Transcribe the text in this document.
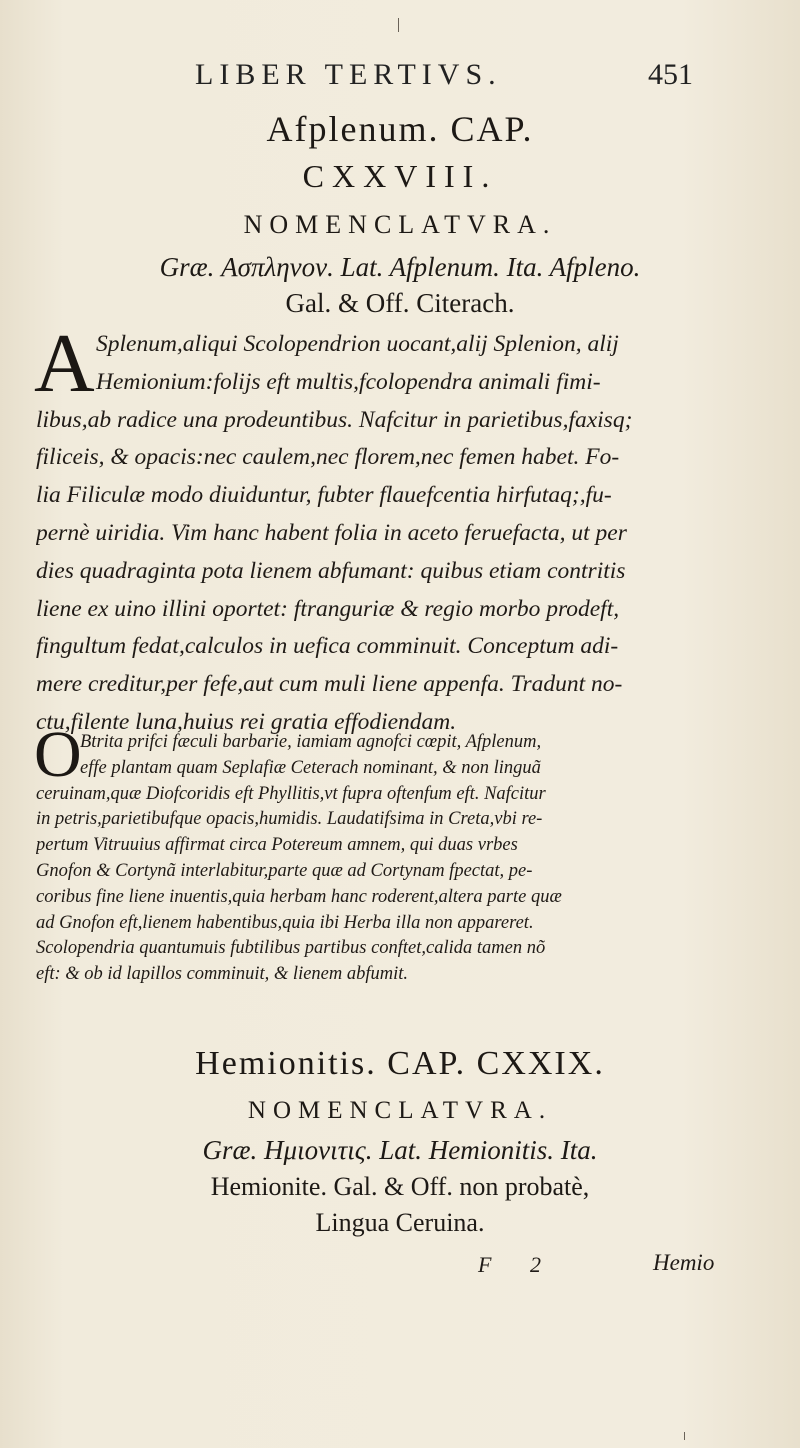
LIBER TERTIVS.	451
Afplenum. CAP.
CXXVIII.
NOMENCLATVRA.
Græ. Ασπληνον. Lat. Afplenum. Ita. Afpleno.
Gal. & Off. Citerach.
A Splenum,aliqui Scolopendrion uocant,alij Splenion, alij
Hemionium:folijs eft multis,fcolopendra animali fimi-
libus,ab radice una prodeuntibus. Nafcitur in parietibus,faxisq;
filiceis, & opacis:nec caulem,nec florem,nec femen habet. Fo-
lia Filiculæ modo diuiduntur, fubter flauefcentia hirfutaq;,fu-
pernè uiridia. Vim hanc habent folia in aceto feruefacta, ut per
dies quadraginta pota lienem abfumant: quibus etiam contritis
liene ex uino illini oportet: ftranguriæ & regio morbo prodeft,
fingultum fedat,calculos in uefica comminuit. Conceptum adi-
mere creditur,per fefe,aut cum muli liene appenfa. Tradunt no-
ctu,filente luna,huius rei gratia effodiendam.
O
Btrita prifci fæculi barbarie, iamiam agnofci cœpit, Afplenum,
effe plantam quam Seplafiæ Ceterach nominant, & non linguã
ceruinam,quæ Diofcoridis eft Phyllitis,vt fupra oftenfum eft. Nafcitur
in petris,parietibufque opacis,humidis. Laudatifsima in Creta,vbi re-
pertum Vitruuius affirmat circa Potereum amnem, qui duas vrbes
Gnofon & Cortynã interlabitur,parte quæ ad Cortynam fpectat, pe-
coribus fine liene inuentis,quia herbam hanc roderent,altera parte quæ
ad Gnofon eft,lienem habentibus,quia ibi Herba illa non appareret.
Scolopendria quantumuis fubtilibus partibus conftet,calida tamen nõ
eft: & ob id lapillos comminuit, & lienem abfumit.
Hemionitis. CAP. CXXIX.
NOMENCLATVRA.
Græ. Ημιονιτις. Lat. Hemionitis. Ita.
Hemionite. Gal. & Off. non probatè,
Lingua Ceruina.
F 2	Hemio
